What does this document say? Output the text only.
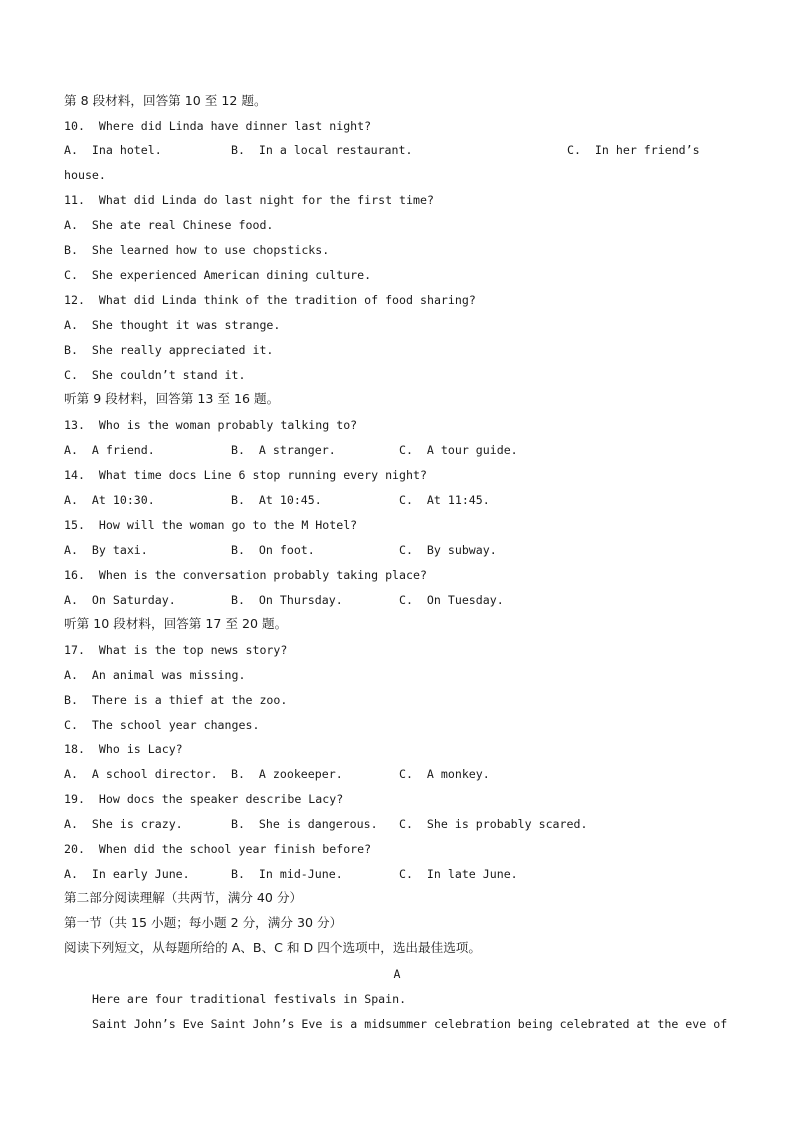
第 8 段材料，回答第 10 至 12 题。
10.  Where did Linda have dinner last night?
A.  Ina hotel.	B.  In a local restaurant.	C.  In her friend’s
house.
11.  What did Linda do last night for the first time?
A.  She ate real Chinese food.
B.  She learned how to use chopsticks.
C.  She experienced American dining culture.
12.  What did Linda think of the tradition of food sharing?
A.  She thought it was strange.
B.  She really appreciated it.
C.  She couldn’t stand it.
听第 9 段材料，回答第 13 至 16 题。
13.  Who is the woman probably talking to?
A.  A friend.	B.  A stranger.	C.  A tour guide.
14.  What time docs Line 6 stop running every night?
A.  At 10:30.	B.  At 10:45.	C.  At 11:45.
15.  How will the woman go to the M Hotel?
A.  By taxi.	B.  On foot.	C.  By subway.
16.  When is the conversation probably taking place?
A.  On Saturday.	B.  On Thursday.	C.  On Tuesday.
听第 10 段材料，回答第 17 至 20 题。
17.  What is the top news story?
A.  An animal was missing.
B.  There is a thief at the zoo.
C.  The school year changes.
18.  Who is Lacy?
A.  A school director. B.  A zookeeper.	C.  A monkey.
19.  How docs the speaker describe Lacy?
A.  She is crazy.	B.  She is dangerous. C.  She is probably scared.
20.  When did the school year finish before?
A.  In early June.	B.  In mid-June.	C.  In late June.
第二部分阅读理解（共两节，满分 40 分）
第一节（共 15 小题；每小题 2 分，满分 30 分）
阅读下列短文，从每题所给的 A、B、C 和 D 四个选项中，选出最佳选项。
A
Here are four traditional festivals in Spain.
Saint John’s Eve Saint John’s Eve is a midsummer celebration being celebrated at the eve of
